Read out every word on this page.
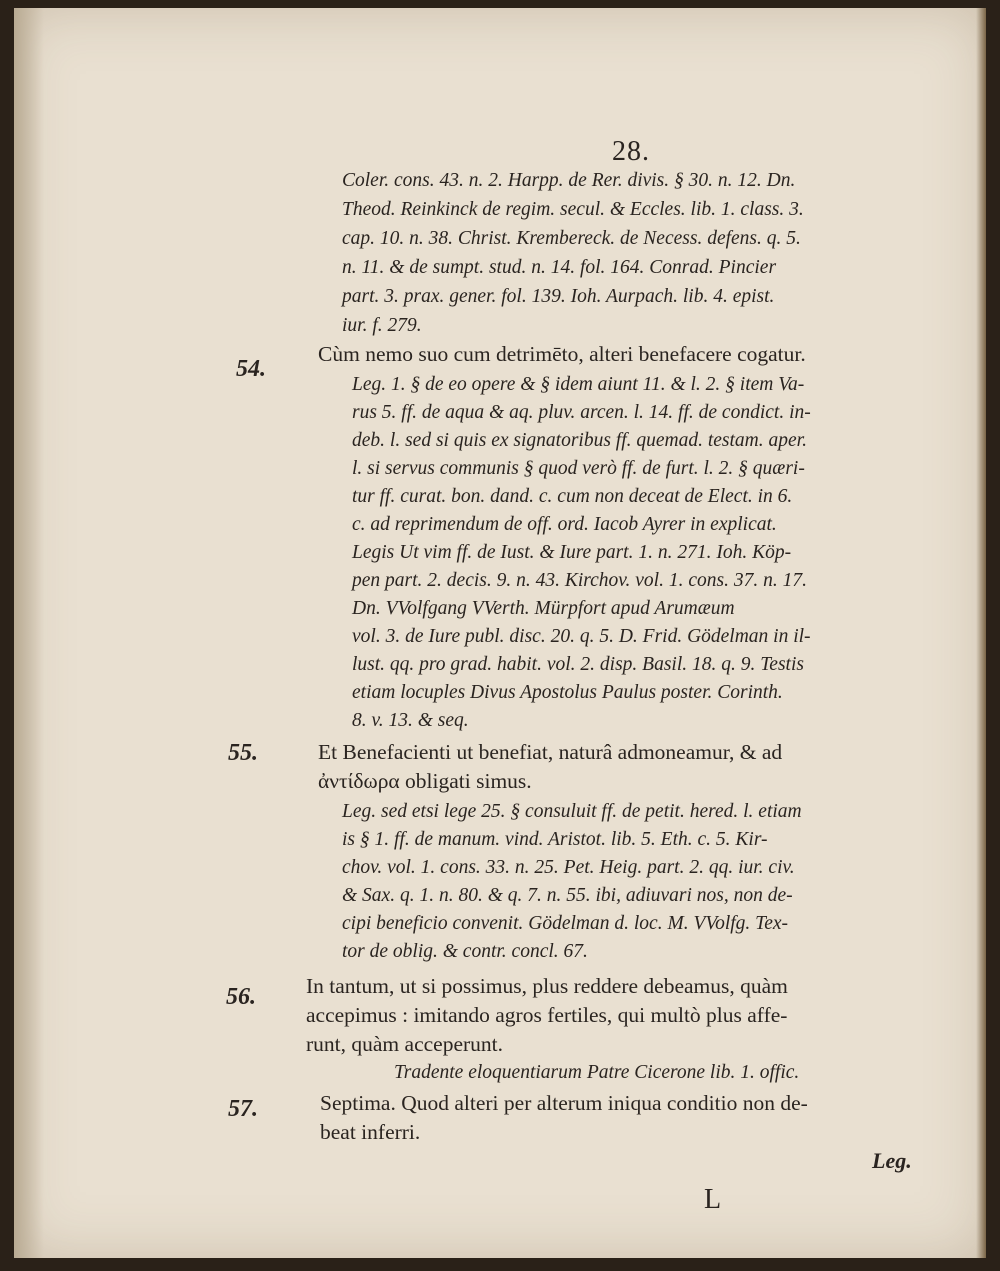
28.
Coler. cons. 43. n. 2. Harpp. de Rer. divis. § 30. n. 12. Dn.
Theod. Reinkinck de regim. secul. & Eccles. lib. 1. class. 3.
cap. 10. n. 38. Christ. Krembereck. de Necess. defens. q. 5.
n. 11. & de sumpt. stud. n. 14. fol. 164. Conrad. Pincier
part. 3. prax. gener. fol. 139. Ioh. Aurpach. lib. 4. epist.
iur. f. 279.
54.
Cùm nemo suo cum detrimēto, alteri benefacere cogatur.
Leg. 1. § de eo opere & § idem aiunt 11. & l. 2. § item Va-
rus 5. ff. de aqua & aq. pluv. arcen. l. 14. ff. de condict. in-
deb. l. sed si quis ex signatoribus ff. quemad. testam. aper.
l. si servus communis § quod verò ff. de furt. l. 2. § quæri-
tur ff. curat. bon. dand. c. cum non deceat de Elect. in 6.
c. ad reprimendum de off. ord. Iacob Ayrer in explicat.
Legis Ut vim ff. de Iust. & Iure part. 1. n. 271. Ioh. Köp-
pen part. 2. decis. 9. n. 43. Kirchov. vol. 1. cons. 37. n. 17.
Dn. VVolfgang VVerth. Mürpfort apud Arumæum
vol. 3. de Iure publ. disc. 20. q. 5. D. Frid. Gödelman in il-
lust. qq. pro grad. habit. vol. 2. disp. Basil. 18. q. 9. Testis
etiam locuples Divus Apostolus Paulus poster. Corinth.
8. v. 13. & seq.
55.	Et Benefacienti ut benefiat, naturâ admoneamur, & ad
ἀντίδωρα obligati simus.
Leg. sed etsi lege 25. § consuluit ff. de petit. hered. l. etiam
is § 1. ff. de manum. vind. Aristot. lib. 5. Eth. c. 5. Kir-
chov. vol. 1. cons. 33. n. 25. Pet. Heig. part. 2. qq. iur. civ.
& Sax. q. 1. n. 80. & q. 7. n. 55. ibi, adiuvari nos, non de-
cipi beneficio convenit. Gödelman d. loc. M. VVolfg. Tex-
tor de oblig. & contr. concl. 67.
56. In tantum, ut si possimus, plus reddere debeamus, quàm
accepimus : imitando agros fertiles, qui multò plus affe-
runt, quàm acceperunt.
Tradente eloquentiarum Patre Cicerone lib. 1. offic.
57.	Septima. Quod alteri per alterum iniqua conditio non de-
beat inferri.
Leg.
L
